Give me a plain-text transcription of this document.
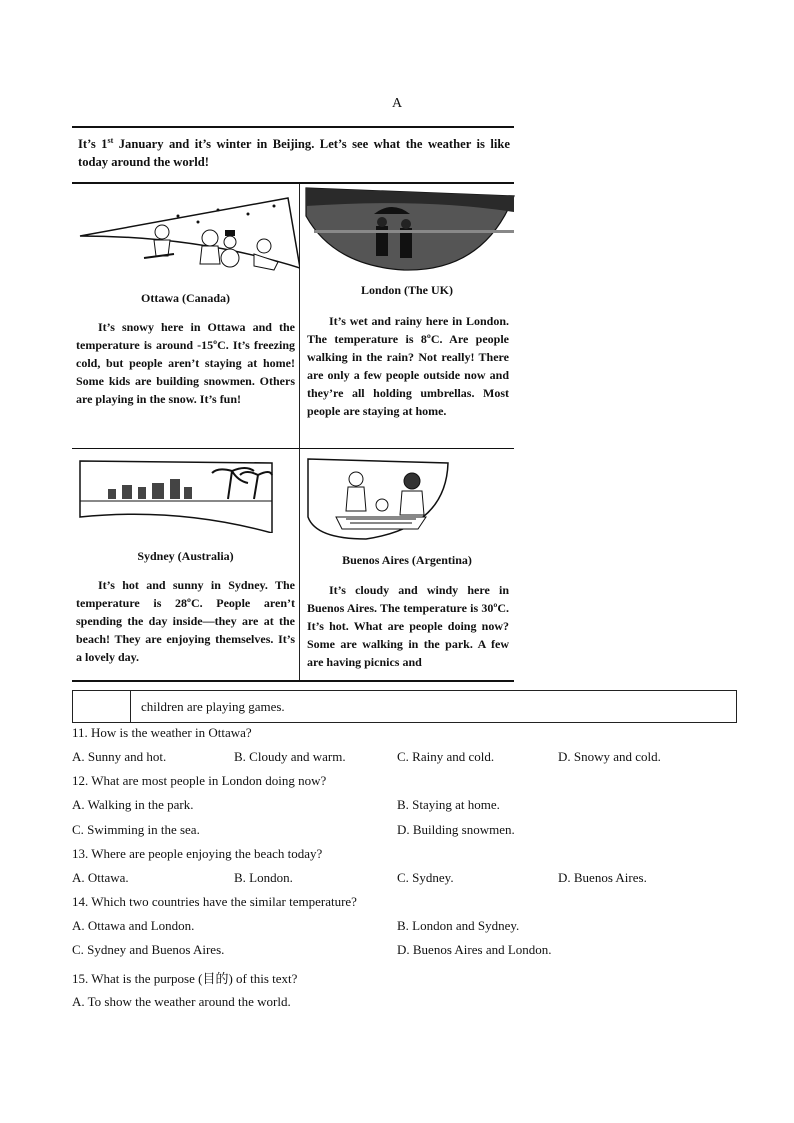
A
It’s 1st January and it’s winter in Beijing. Let’s see what the weather is like today around the world!
Ottawa (Canada)
It’s snowy here in Ottawa and the temperature is around -15ºC. It’s freezing cold, but people aren’t staying at home! Some kids are building snowmen. Others are playing in the snow. It’s fun!
London (The UK)
It’s wet and rainy here in London. The temperature is 8ºC. Are people walking in the rain? Not really! There are only a few people outside now and they’re all holding umbrellas. Most people are staying at home.
Sydney (Australia)
It’s hot and sunny in Sydney. The temperature is 28ºC. People aren’t spending the day inside—they are at the beach! They are enjoying themselves. It’s a lovely day.
Buenos Aires (Argentina)
It’s cloudy and windy here in Buenos Aires. The temperature is 30ºC. It’s hot. What are people doing now? Some are walking in the park. A few are having picnics and
children are playing games.
11. How is the weather in Ottawa?
A. Sunny and hot.	B. Cloudy and warm.	C. Rainy and cold.	D. Snowy and cold.
12. What are most people in London doing now?
A. Walking in the park.	B. Staying at home.
C. Swimming in the sea.	D. Building snowmen.
13. Where are people enjoying the beach today?
A. Ottawa.	B. London.	C. Sydney.	D. Buenos Aires.
14. Which two countries have the similar temperature?
A. Ottawa and London.	B. London and Sydney.
C. Sydney and Buenos Aires.	D. Buenos Aires and London.
15. What is the purpose (目的) of this text?
A. To show the weather around the world.
